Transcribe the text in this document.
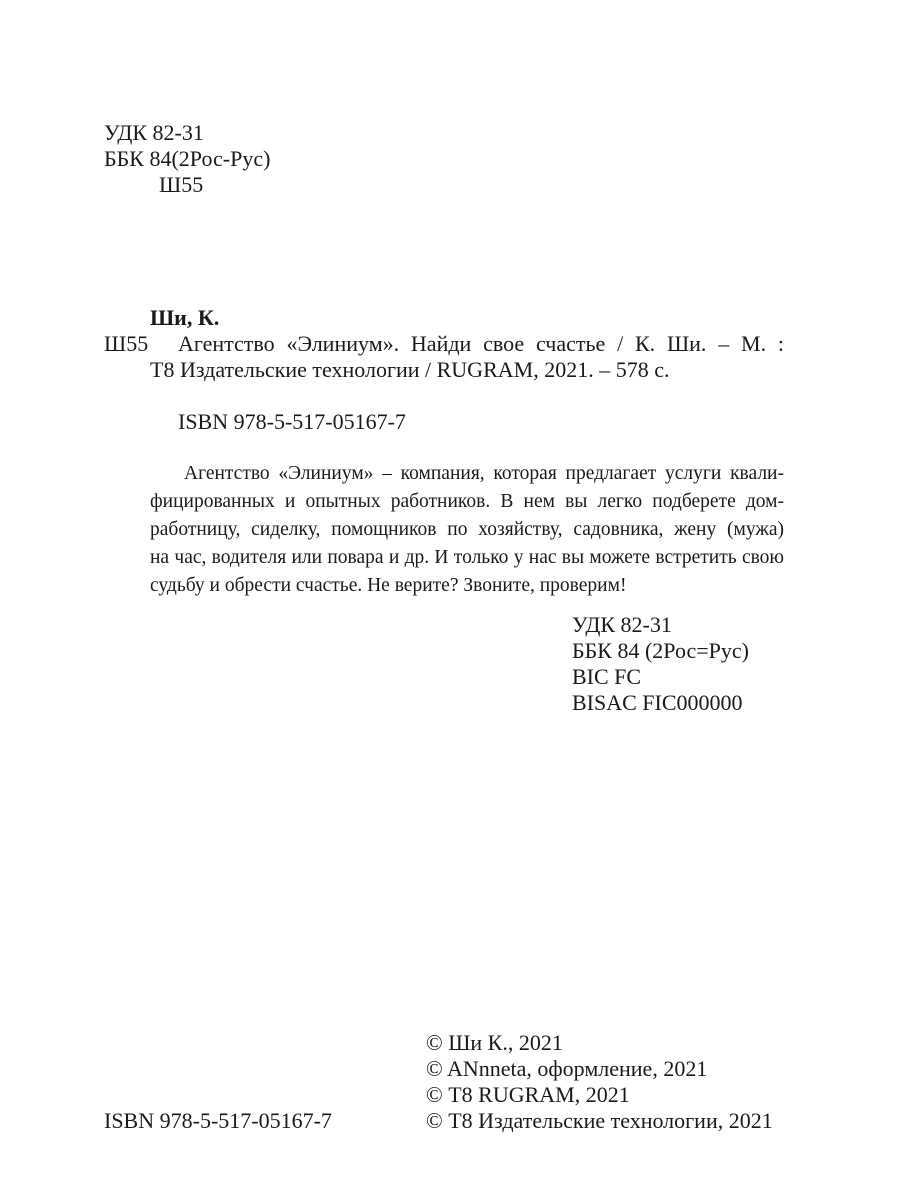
УДК 82-31
ББК 84(2Рос-Рус)
Ш55
Ши, К.
Ш55	Агентство «Элиниум». Найди свое счастье / К. Ши. – М. :
Т8 Издательские технологии / RUGRAM, 2021. – 578 с.
ISBN 978-5-517-05167-7
Агентство «Элиниум» – компания, которая предлагает услуги квали-
фицированных и опытных работников. В нем вы легко подберете дом-
работницу, сиделку, помощников по хозяйству, садовника, жену (мужа)
на час, водителя или повара и др. И только у нас вы можете встретить свою
судьбу и обрести счастье. Не верите? Звоните, проверим!
УДК 82-31
ББК 84 (2Рос=Рус)
BIC FC
BISAC FIC000000
© Ши К., 2021
© ANnneta, оформление, 2021
© Т8 RUGRAM, 2021
© Т8 Издательские технологии, 2021
ISBN 978-5-517-05167-7
